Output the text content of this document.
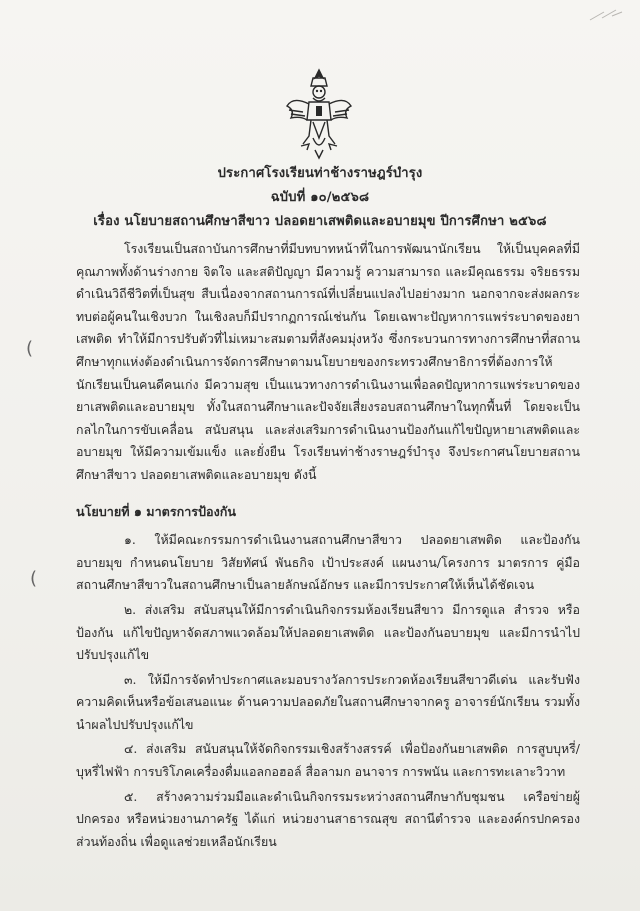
ประกาศโรงเรียนท่าช้างราษฎร์บำรุง
ฉบับที่ ๑๐/๒๕๖๘
เรื่อง นโยบายสถานศึกษาสีขาว ปลอดยาเสพติดและอบายมุข ปีการศึกษา ๒๕๖๘

โรงเรียนเป็นสถาบันการศึกษาที่มีบทบาทหน้าที่ในการพัฒนานักเรียน ให้เป็นบุคคลที่มีคุณภาพทั้งด้านร่างกาย จิตใจ และสติปัญญา มีความรู้ ความสามารถ และมีคุณธรรม จริยธรรม ดำเนินวิถีชีวิตที่เป็นสุข สืบเนื่องจากสถานการณ์ที่เปลี่ยนแปลงไปอย่างมาก นอกจากจะส่งผลกระทบต่อผู้คนในเชิงบวก ในเชิงลบก็มีปรากฏการณ์เช่นกัน โดยเฉพาะปัญหาการแพร่ระบาดของยาเสพติด ทำให้มีการปรับตัวที่ไม่เหมาะสมตามที่สังคมมุ่งหวัง ซึ่งกระบวนการทางการศึกษาที่สถานศึกษาทุกแห่งต้องดำเนินการจัดการศึกษาตามนโยบายของกระทรวงศึกษาธิการที่ต้องการให้นักเรียนเป็นคนดีคนเก่ง มีความสุข เป็นแนวทางการดำเนินงานเพื่อลดปัญหาการแพร่ระบาดของยาเสพติดและอบายมุข ทั้งในสถานศึกษาและปัจจัยเสี่ยงรอบสถานศึกษาในทุกพื้นที่ โดยจะเป็นกลไกในการขับเคลื่อน สนับสนุน และส่งเสริมการดำเนินงานป้องกันแก้ไขปัญหายาเสพติดและอบายมุข ให้มีความเข้มแข็ง และยั่งยืน โรงเรียนท่าช้างราษฎร์บำรุง จึงประกาศนโยบายสถานศึกษาสีขาว ปลอดยาเสพติดและอบายมุข ดังนี้

นโยบายที่ ๑ มาตรการป้องกัน

๑. ให้มีคณะกรรมการดำเนินงานสถานศึกษาสีขาว ปลอดยาเสพติด และป้องกันอบายมุข กำหนดนโยบาย วิสัยทัศน์ พันธกิจ เป้าประสงค์ แผนงาน/โครงการ มาตรการ คู่มือสถานศึกษาสีขาวในสถานศึกษาเป็นลายลักษณ์อักษร และมีการประกาศให้เห็นได้ชัดเจน

๒. ส่งเสริม สนับสนุนให้มีการดำเนินกิจกรรมห้องเรียนสีขาว มีการดูแล สำรวจ หรือป้องกัน แก้ไขปัญหาจัดสภาพแวดล้อมให้ปลอดยาเสพติด และป้องกันอบายมุข และมีการนำไปปรับปรุงแก้ไข

๓. ให้มีการจัดทำประกาศและมอบรางวัลการประกวดห้องเรียนสีขาวดีเด่น และรับฟังความคิดเห็นหรือข้อเสนอแนะ ด้านความปลอดภัยในสถานศึกษาจากครู อาจารย์นักเรียน รวมทั้งนำผลไปปรับปรุงแก้ไข

๔. ส่งเสริม สนับสนุนให้จัดกิจกรรมเชิงสร้างสรรค์ เพื่อป้องกันยาเสพติด การสูบบุหรี่/บุหรี่ไฟฟ้า การบริโภคเครื่องดื่มแอลกอฮอล์ สื่อลามก อนาจาร การพนัน และการทะเลาะวิวาท

๕. สร้างความร่วมมือและดำเนินกิจกรรมระหว่างสถานศึกษากับชุมชน เครือข่ายผู้ปกครอง หรือหน่วยงานภาครัฐ ได้แก่ หน่วยงานสาธารณสุข สถานีตำรวจ และองค์กรปกครองส่วนท้องถิ่น เพื่อดูแลช่วยเหลือนักเรียน

(
(
